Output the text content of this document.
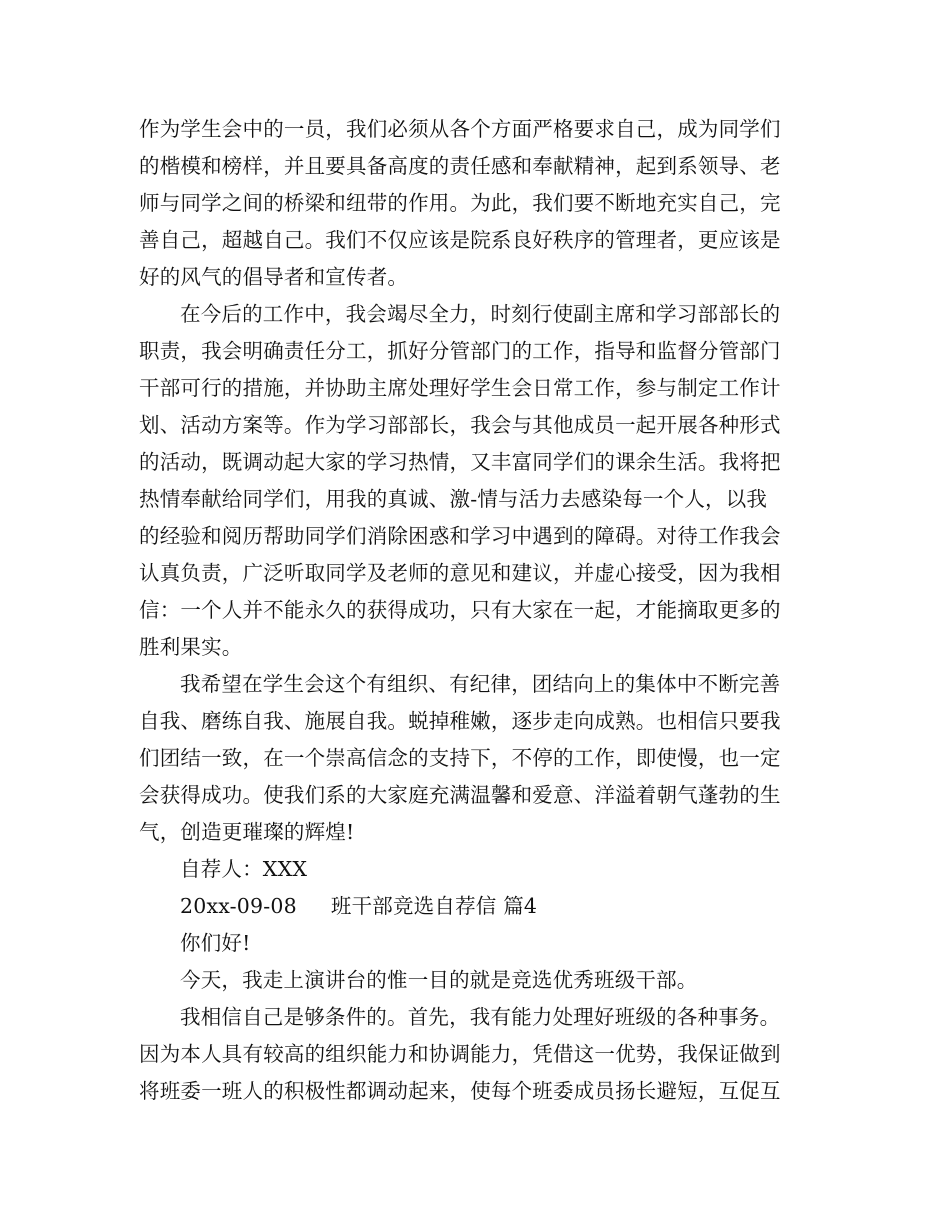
作为学生会中的一员，我们必须从各个方面严格要求自己，成为同学们
的楷模和榜样，并且要具备高度的责任感和奉献精神，起到系领导、老
师与同学之间的桥梁和纽带的作用。为此，我们要不断地充实自己，完
善自己，超越自己。我们不仅应该是院系良好秩序的管理者，更应该是
好的风气的倡导者和宣传者。
在今后的工作中，我会竭尽全力，时刻行使副主席和学习部部长的
职责，我会明确责任分工，抓好分管部门的工作，指导和监督分管部门
干部可行的措施，并协助主席处理好学生会日常工作，参与制定工作计
划、活动方案等。作为学习部部长，我会与其他成员一起开展各种形式
的活动，既调动起大家的学习热情，又丰富同学们的课余生活。我将把
热情奉献给同学们，用我的真诚、激-情与活力去感染每一个人，以我
的经验和阅历帮助同学们消除困惑和学习中遇到的障碍。对待工作我会
认真负责，广泛听取同学及老师的意见和建议，并虚心接受，因为我相
信：一个人并不能永久的获得成功，只有大家在一起，才能摘取更多的
胜利果实。
我希望在学生会这个有组织、有纪律，团结向上的集体中不断完善
自我、磨练自我、施展自我。蜕掉稚嫩，逐步走向成熟。也相信只要我
们团结一致，在一个崇高信念的支持下，不停的工作，即使慢，也一定
会获得成功。使我们系的大家庭充满温馨和爱意、洋溢着朝气蓬勃的生
气，创造更璀璨的辉煌!
自荐人：XXX
20xx-09-08 班干部竞选自荐信 篇4
你们好!
今天，我走上演讲台的惟一目的就是竞选优秀班级干部。
我相信自己是够条件的。首先，我有能力处理好班级的各种事务。
因为本人具有较高的组织能力和协调能力，凭借这一优势，我保证做到
将班委一班人的积极性都调动起来，使每个班委成员扬长避短，互促互
